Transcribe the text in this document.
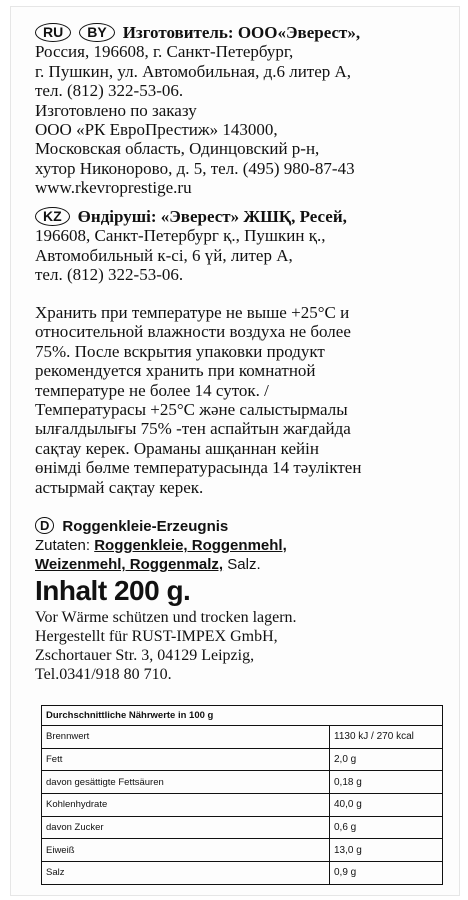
RU BY Изготовитель: ООО«Эверест»,
Россия, 196608, г. Санкт-Петербург,
г. Пушкин, ул. Автомобильная, д.6 литер А,
тел. (812) 322-53-06.
Изготовлено по заказу
ООО «РК ЕвроПрестиж» 143000,
Московская область, Одинцовский р-н,
хутор Никонорово, д. 5, тел. (495) 980-87-43
www.rkevroprestige.ru
KZ Өндіруші: «Эверест» ЖШҚ, Ресей,
196608, Санкт-Петербург қ., Пушкин қ.,
Автомобильный к-сі, 6 үй, литер А,
тел. (812) 322-53-06.
Хранить при температуре не выше +25°С и
относительной влажности воздуха не более
75%. После вскрытия упаковки продукт
рекомендуется хранить при комнатной
температуре не более 14 суток. /
Температурасы +25°С және салыстырмалы
ылғалдылығы 75% -тен аспайтын жағдайда
сақтау керек. Ораманы ашқаннан кейін
өнімді бөлме температурасында 14 тәуліктен
астырмай сақтау керек.
D Roggenkleie-Erzeugnis
Zutaten: Roggenkleie, Roggenmehl,
Weizenmehl, Roggenmalz, Salz.
Inhalt 200 g.
Vor Wärme schützen und trocken lagern.
Hergestellt für RUST-IMPEX GmbH,
Zschortauer Str. 3, 04129 Leipzig,
Tel.0341/918 80 710.
Durchschnittliche Nährwerte in 100 g	
Brennwert	1130 kJ / 270 kcal
Fett	2,0 g
davon gesättigte Fettsäuren	0,18 g
Kohlenhydrate	40,0 g
davon Zucker	0,6 g
Eiweiß	13,0 g
Salz	0,9 g
